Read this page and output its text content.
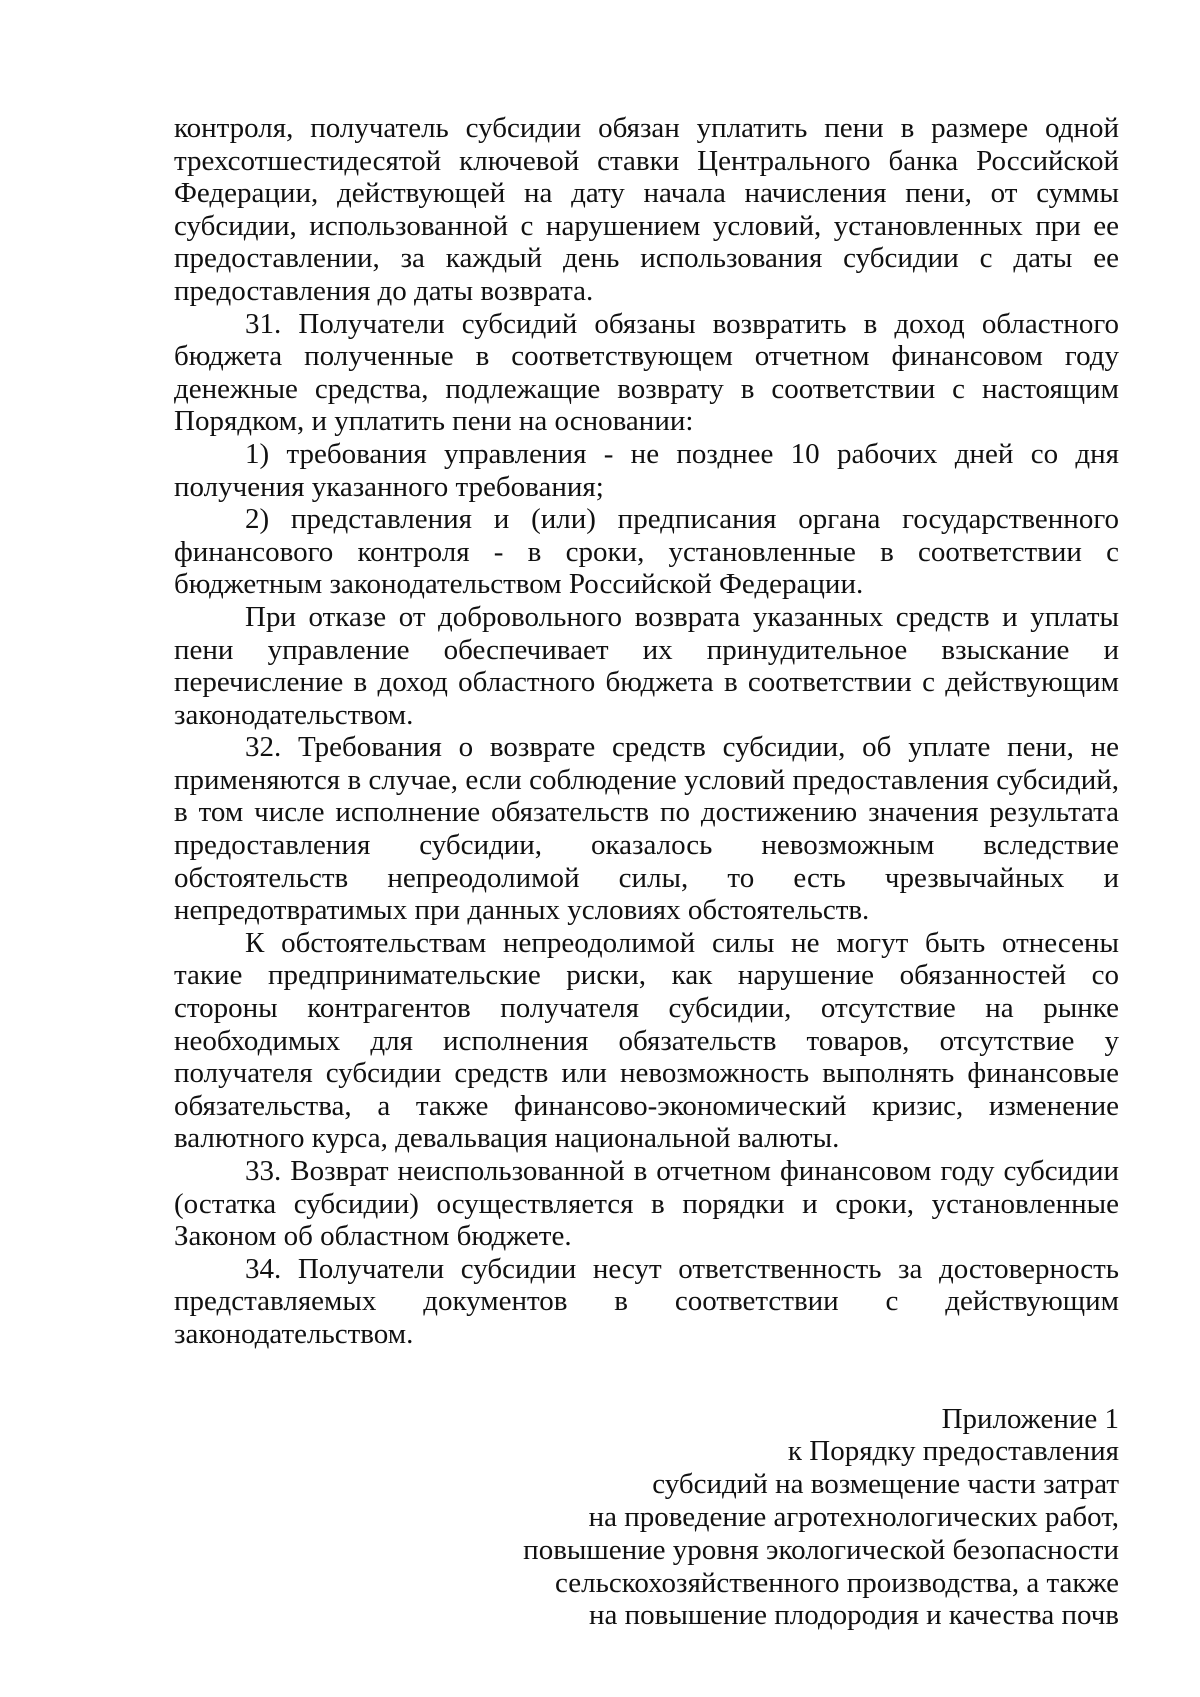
контроля, получатель субсидии обязан уплатить пени в размере одной трехсотшестидесятой ключевой ставки Центрального банка Российской Федерации, действующей на дату начала начисления пени, от суммы субсидии, использованной с нарушением условий, установленных при ее предоставлении, за каждый день использования субсидии с даты ее предоставления до даты возврата.

31. Получатели субсидий обязаны возвратить в доход областного бюджета полученные в соответствующем отчетном финансовом году денежные средства, подлежащие возврату в соответствии с настоящим Порядком, и уплатить пени на основании:

1) требования управления - не позднее 10 рабочих дней со дня получения указанного требования;

2) представления и (или) предписания органа государственного финансового контроля - в сроки, установленные в соответствии с бюджетным законодательством Российской Федерации.

При отказе от добровольного возврата указанных средств и уплаты пени управление обеспечивает их принудительное взыскание и перечисление в доход областного бюджета в соответствии с действующим законодательством.

32. Требования о возврате средств субсидии, об уплате пени, не применяются в случае, если соблюдение условий предоставления субсидий, в том числе исполнение обязательств по достижению значения результата предоставления субсидии, оказалось невозможным вследствие обстоятельств непреодолимой силы, то есть чрезвычайных и непредотвратимых при данных условиях обстоятельств.

К обстоятельствам непреодолимой силы не могут быть отнесены такие предпринимательские риски, как нарушение обязанностей со стороны контрагентов получателя субсидии, отсутствие на рынке необходимых для исполнения обязательств товаров, отсутствие у получателя субсидии средств или невозможность выполнять финансовые обязательства, а также финансово-экономический кризис, изменение валютного курса, девальвация национальной валюты.

33. Возврат неиспользованной в отчетном финансовом году субсидии (остатка субсидии) осуществляется в порядки и сроки, установленные Законом об областном бюджете.

34. Получатели субсидии несут ответственность за достоверность представляемых документов в соответствии с действующим законодательством.

Приложение 1
к Порядку предоставления
субсидий на возмещение части затрат
на проведение агротехнологических работ,
повышение уровня экологической безопасности
сельскохозяйственного производства, а также
на повышение плодородия и качества почв
